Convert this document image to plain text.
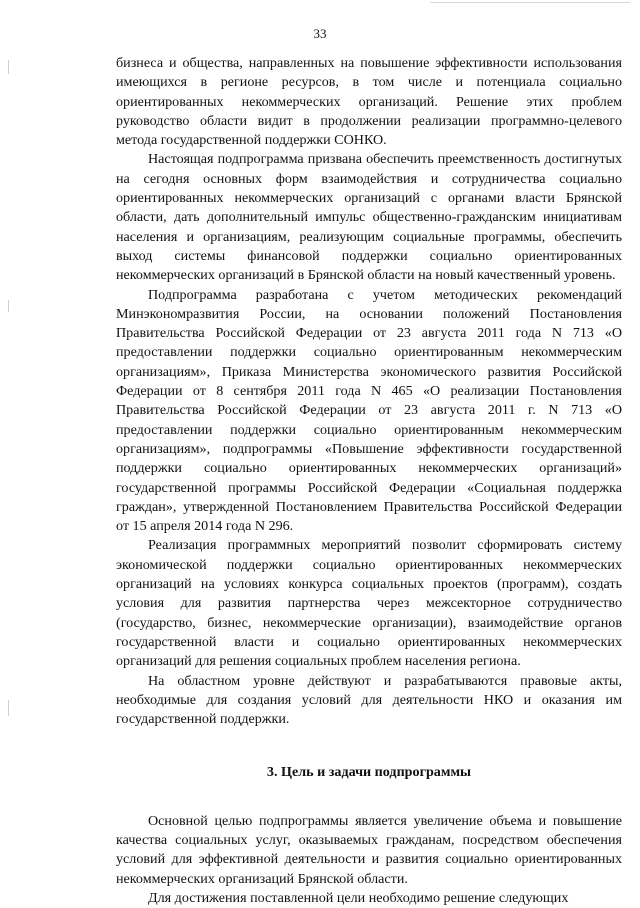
33

бизнеса и общества, направленных на повышение эффективности использования имеющихся в регионе ресурсов, в том числе и потенциала социально ориентированных некоммерческих организаций. Решение этих проблем руководство области видит в продолжении реализации программно-целевого метода государственной поддержки СОНКО.

Настоящая подпрограмма призвана обеспечить преемственность достигнутых на сегодня основных форм взаимодействия и сотрудничества социально ориентированных некоммерческих организаций с органами власти Брянской области, дать дополнительный импульс общественно-гражданским инициативам населения и организациям, реализующим социальные программы, обеспечить выход системы финансовой поддержки социально ориентированных некоммерческих организаций в Брянской области на новый качественный уровень.

Подпрограмма разработана с учетом методических рекомендаций Минэкономразвития России, на основании положений Постановления Правительства Российской Федерации от 23 августа 2011 года N 713 «О предоставлении поддержки социально ориентированным некоммерческим организациям», Приказа Министерства экономического развития Российской Федерации от 8 сентября 2011 года N 465 «О реализации Постановления Правительства Российской Федерации от 23 августа 2011 г. N 713 «О предоставлении поддержки социально ориентированным некоммерческим организациям», подпрограммы «Повышение эффективности государственной поддержки социально ориентированных некоммерческих организаций» государственной программы Российской Федерации «Социальная поддержка граждан», утвержденной Постановлением Правительства Российской Федерации от 15 апреля 2014 года N 296.

Реализация программных мероприятий позволит сформировать систему экономической поддержки социально ориентированных некоммерческих организаций на условиях конкурса социальных проектов (программ), создать условия для развития партнерства через межсекторное сотрудничество (государство, бизнес, некоммерческие организации), взаимодействие органов государственной власти и социально ориентированных некоммерческих организаций для решения социальных проблем населения региона.

На областном уровне действуют и разрабатываются правовые акты, необходимые для создания условий для деятельности НКО и оказания им государственной поддержки.

3. Цель и задачи подпрограммы

Основной целью подпрограммы является увеличение объема и повышение качества социальных услуг, оказываемых гражданам, посредством обеспечения условий для эффективной деятельности и развития социально ориентированных некоммерческих организаций Брянской области.

Для достижения поставленной цели необходимо решение следующих
